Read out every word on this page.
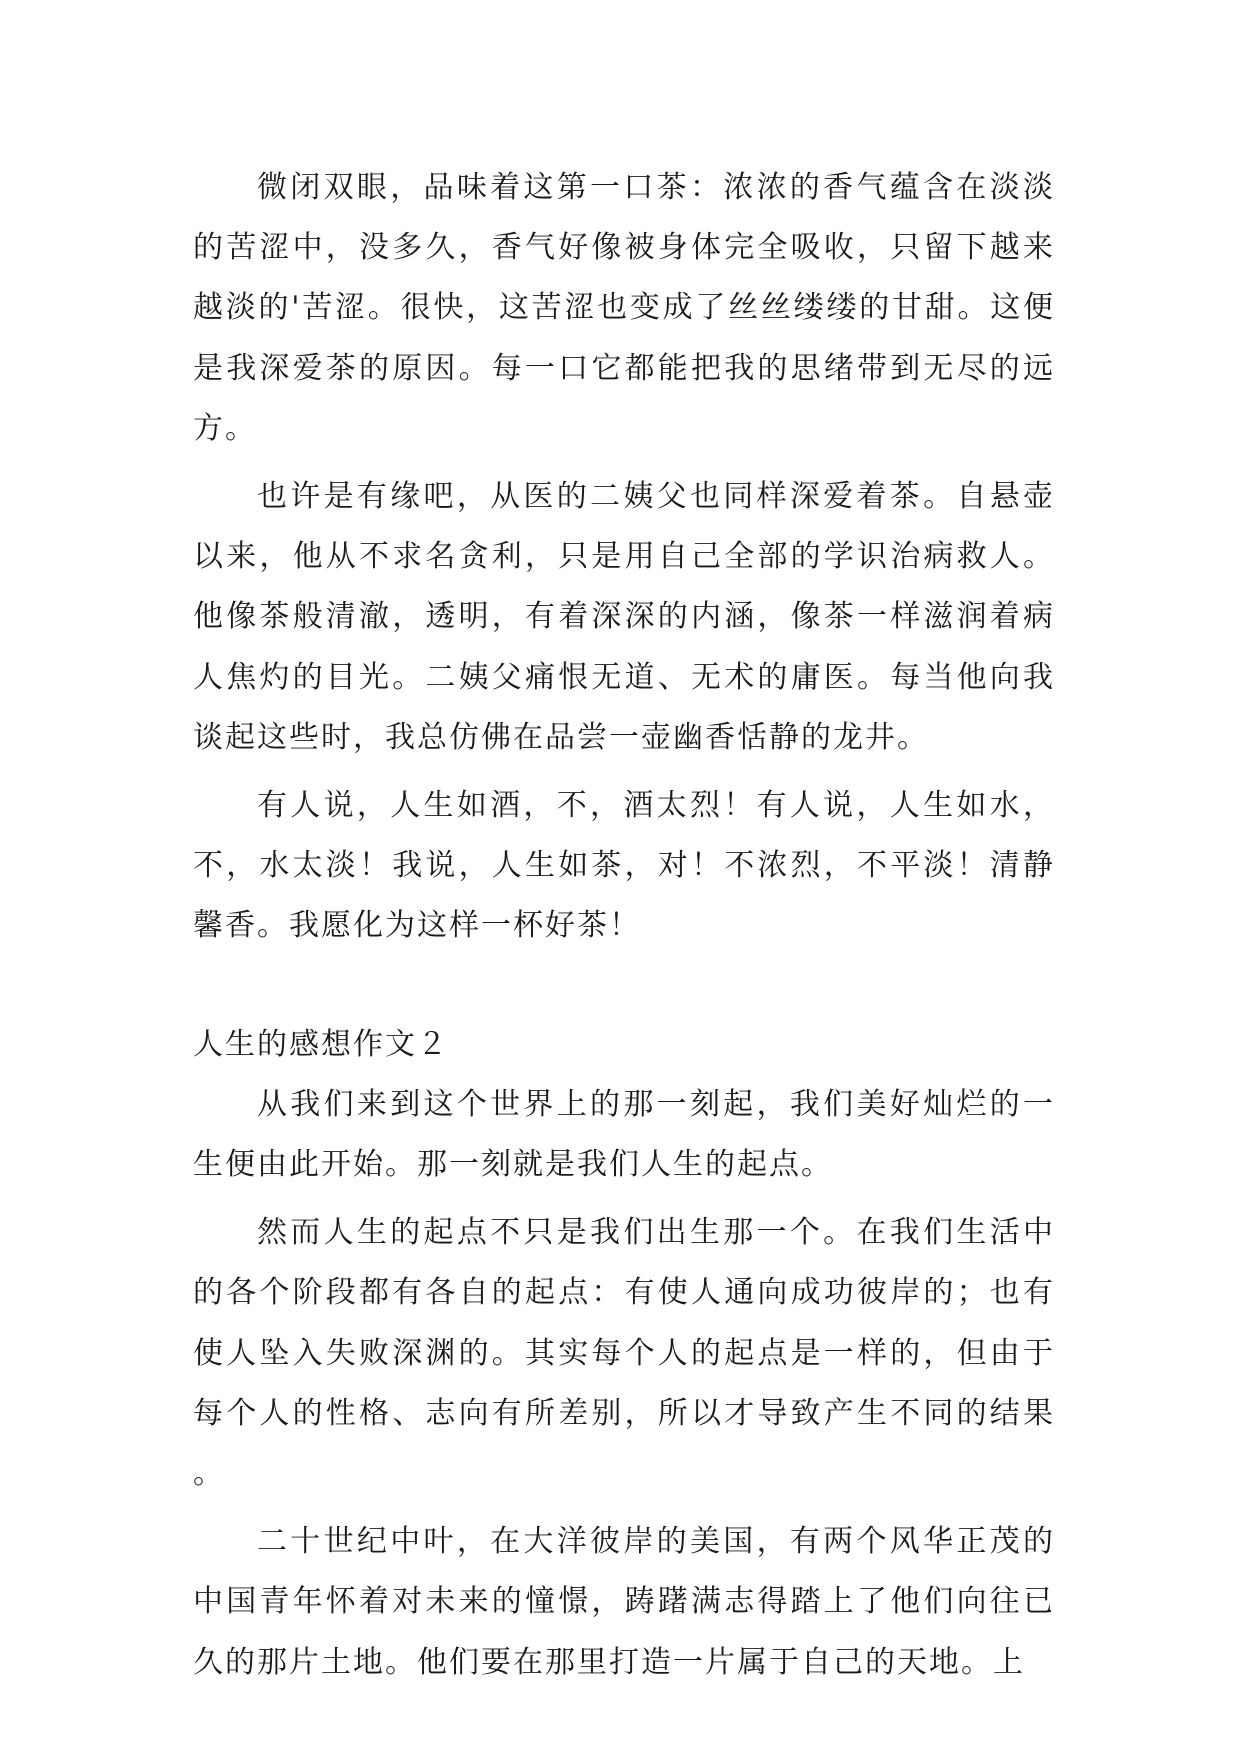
微闭双眼，品味着这第一口茶：浓浓的香气蕴含在淡淡的苦涩中，没多久，香气好像被身体完全吸收，只留下越来越淡的'苦涩。很快，这苦涩也变成了丝丝缕缕的甘甜。这便是我深爱茶的原因。每一口它都能把我的思绪带到无尽的远方。

也许是有缘吧，从医的二姨父也同样深爱着茶。自悬壶以来，他从不求名贪利，只是用自己全部的学识治病救人。他像茶般清澈，透明，有着深深的内涵，像茶一样滋润着病人焦灼的目光。二姨父痛恨无道、无术的庸医。每当他向我谈起这些时，我总仿佛在品尝一壶幽香恬静的龙井。

有人说，人生如酒，不，酒太烈！有人说，人生如水，不，水太淡！我说，人生如茶，对！不浓烈，不平淡！清静馨香。我愿化为这样一杯好茶！

人生的感想作文２

从我们来到这个世界上的那一刻起，我们美好灿烂的一生便由此开始。那一刻就是我们人生的起点。

然而人生的起点不只是我们出生那一个。在我们生活中的各个阶段都有各自的起点：有使人通向成功彼岸的；也有使人坠入失败深渊的。其实每个人的起点是一样的，但由于每个人的性格、志向有所差别，所以才导致产生不同的结果。

二十世纪中叶，在大洋彼岸的美国，有两个风华正茂的中国青年怀着对未来的憧憬，踌躇满志得踏上了他们向往已久的那片土地。他们要在那里打造一片属于自己的天地。上
